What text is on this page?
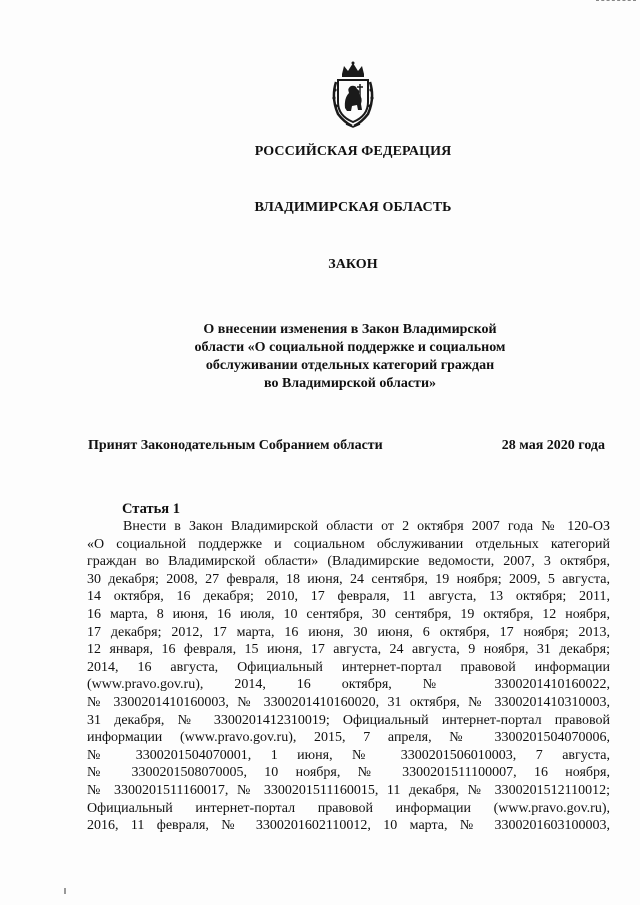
РОССИЙСКАЯ ФЕДЕРАЦИЯ
ВЛАДИМИРСКАЯ ОБЛАСТЬ
ЗАКОН
О внесении изменения в Закон Владимирской
области «О социальной поддержке и социальном
обслуживании отдельных категорий граждан
во Владимирской области»
Принят Законодательным Собранием области	28 мая 2020 года
Статья 1
Внести в Закон Владимирской области от 2 октября 2007 года № 120-ОЗ
«О социальной поддержке и социальном обслуживании отдельных категорий
граждан во Владимирской области» (Владимирские ведомости, 2007, 3 октября,
30 декабря; 2008, 27 февраля, 18 июня, 24 сентября, 19 ноября; 2009, 5 августа,
14 октября, 16 декабря; 2010, 17 февраля, 11 августа, 13 октября; 2011,
16 марта, 8 июня, 16 июля, 10 сентября, 30 сентября, 19 октября, 12 ноября,
17 декабря; 2012, 17 марта, 16 июня, 30 июня, 6 октября, 17 ноября; 2013,
12 января, 16 февраля, 15 июня, 17 августа, 24 августа, 9 ноября, 31 декабря;
2014, 16 августа, Официальный интернет-портал правовой информации
(www.pravo.gov.ru), 2014, 16 октября, № 3300201410160022,
№ 3300201410160003, № 3300201410160020, 31 октября, № 3300201410310003,
31 декабря, № 3300201412310019; Официальный интернет-портал правовой
информации (www.pravo.gov.ru), 2015, 7 апреля, № 3300201504070006,
№ 3300201504070001, 1 июня, № 3300201506010003, 7 августа,
№ 3300201508070005, 10 ноября, № 3300201511100007, 16 ноября,
№ 3300201511160017, № 3300201511160015, 11 декабря, № 3300201512110012;
Официальный интернет-портал правовой информации (www.pravo.gov.ru),
2016, 11 февраля, № 3300201602110012, 10 марта, № 3300201603100003,
